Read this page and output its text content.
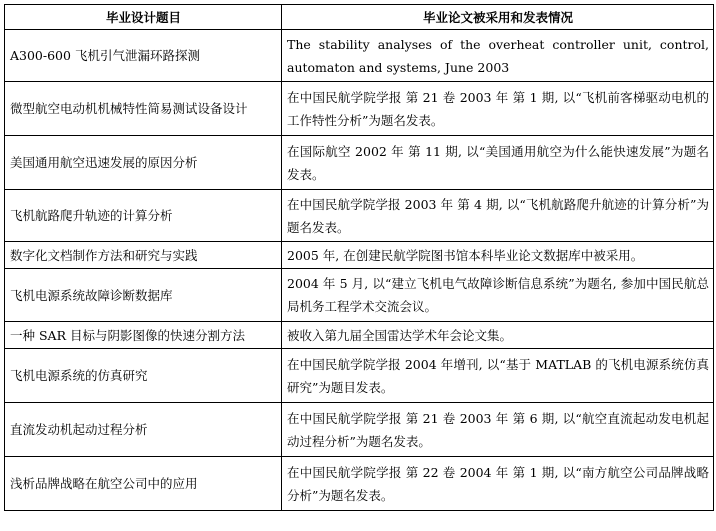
毕业设计题目	毕业论文被采用和发表情况
A300-600 飞机引气泄漏环路探测	The stability analyses of the overheat controller unit, control, automaton and systems, June 2003
微型航空电动机机械特性简易测试设备设计	在中国民航学院学报 第 21 卷 2003 年 第 1 期, 以“飞机前客梯驱动电机的工作特性分析”为题名发表。
美国通用航空迅速发展的原因分析	在国际航空 2002 年 第 11 期, 以“美国通用航空为什么能快速发展”为题名发表。
飞机航路爬升轨迹的计算分析	在中国民航学院学报 2003 年 第 4 期, 以“飞机航路爬升航迹的计算分析”为题名发表。
数字化文档制作方法和研究与实践	2005 年, 在创建民航学院图书馆本科毕业论文数据库中被采用。
飞机电源系统故障诊断数据库	2004 年 5 月, 以“建立飞机电气故障诊断信息系统”为题名, 参加中国民航总局机务工程学术交流会议。
一种 SAR 目标与阴影图像的快速分割方法	被收入第九届全国雷达学术年会论文集。
飞机电源系统的仿真研究	在中国民航学院学报 2004 年增刊, 以“基于 MATLAB 的飞机电源系统仿真研究”为题目发表。
直流发动机起动过程分析	在中国民航学院学报 第 21 卷 2003 年 第 6 期, 以“航空直流起动发电机起动过程分析”为题名发表。
浅析品牌战略在航空公司中的应用	在中国民航学院学报 第 22 卷 2004 年 第 1 期, 以“南方航空公司品牌战略分析”为题名发表。
